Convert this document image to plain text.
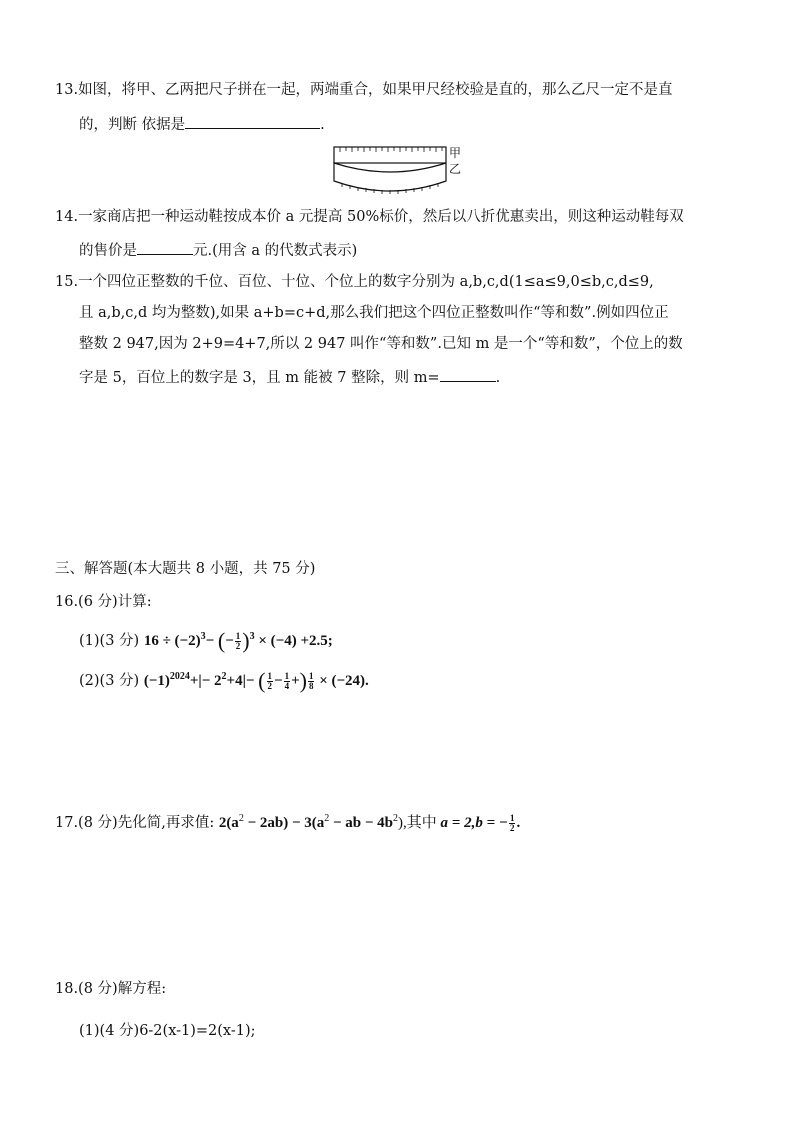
13.如图，将甲、乙两把尺子拼在一起，两端重合，如果甲尺经校验是直的，那么乙尺一定不是直
的，判断 依据是	.
甲
乙
14.一家商店把一种运动鞋按成本价 a 元提高 50%标价，然后以八折优惠卖出，则这种运动鞋每双
的售价是	元.(用含 a 的代数式表示)
15.一个四位正整数的千位、百位、十位、个位上的数字分别为 a,b,c,d(1≤a≤9,0≤b,c,d≤9,
且 a,b,c,d 均为整数),如果 a+b=c+d,那么我们把这个四位正整数叫作“等和数”.例如四位正
整数 2 947,因为 2+9=4+7,所以 2 947 叫作“等和数”.已知 m 是一个“等和数”，个位上的数
字是 5，百位上的数字是 3，且 m 能被 7 整除，则 m=	.
三、解答题(本大题共 8 小题，共 75 分)
16.(6 分)计算:
(1)(3 分) $16 \div (-2)^3-$ (− $\frac{1}{2} )^3 \times (-4) +2.5$;
(2)(3 分) $(-1)^{2024}+|- 2^2+4|-$ ( $\frac{1}{2} - \frac{1}{4}$ +) $\frac{1}{8} \times (-24)$.
17.(8 分)先化简,再求值: $2(a^2 - 2ab) - 3(a^2$ − ab − $4b^2$),其中 a = 2,b = − $\frac{1}{2}$ .
18.(8 分)解方程:
(1)(4 分)6-2(x-1)=2(x-1);
